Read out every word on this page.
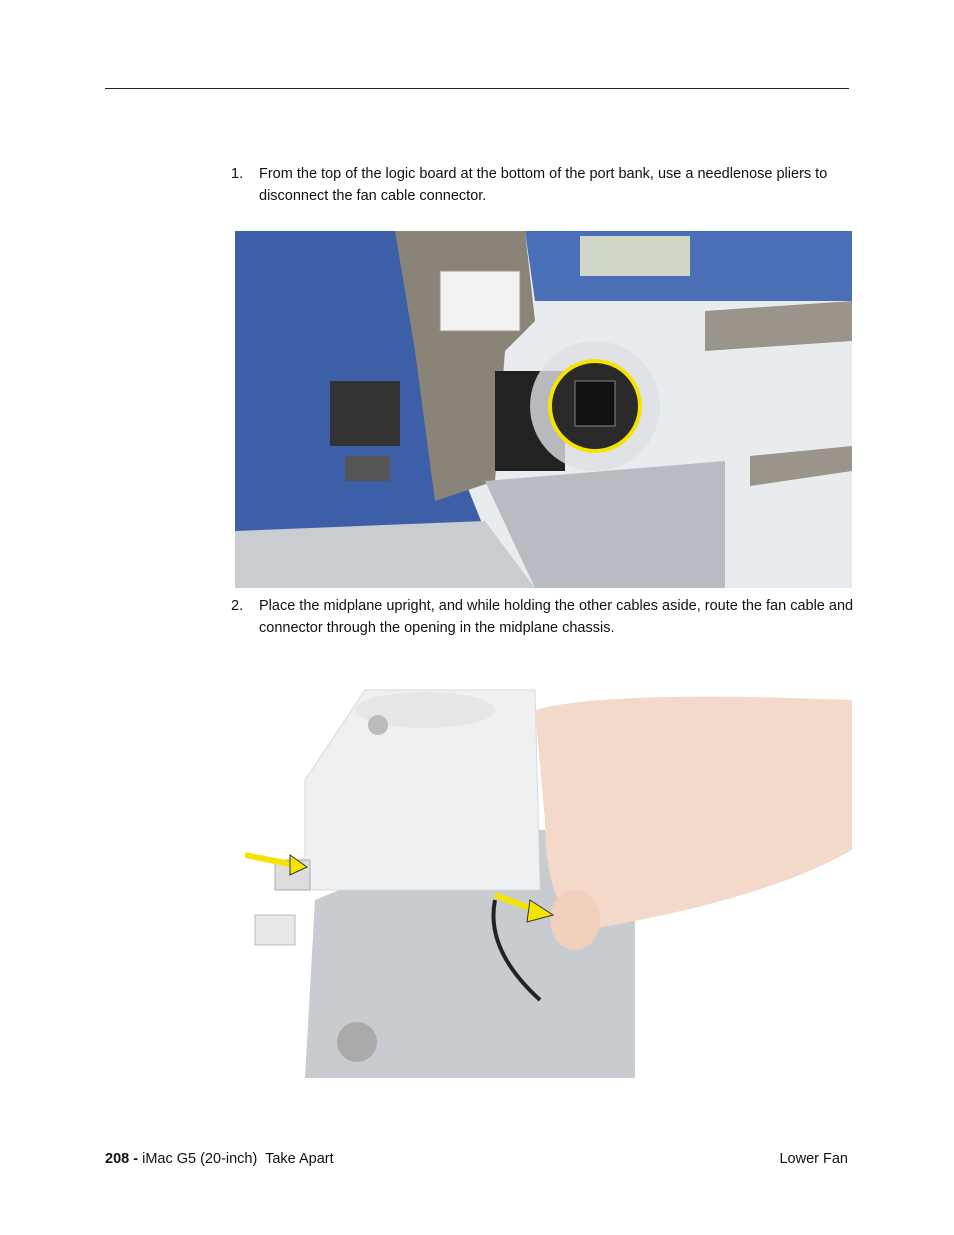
1. From the top of the logic board at the bottom of the port bank, use a needlenose pliers to disconnect the fan cable connector.
2. Place the midplane upright, and while holding the other cables aside, route the fan cable and connector through the opening in the midplane chassis.
208 - iMac G5 (20-inch)  Take Apart	Lower Fan
